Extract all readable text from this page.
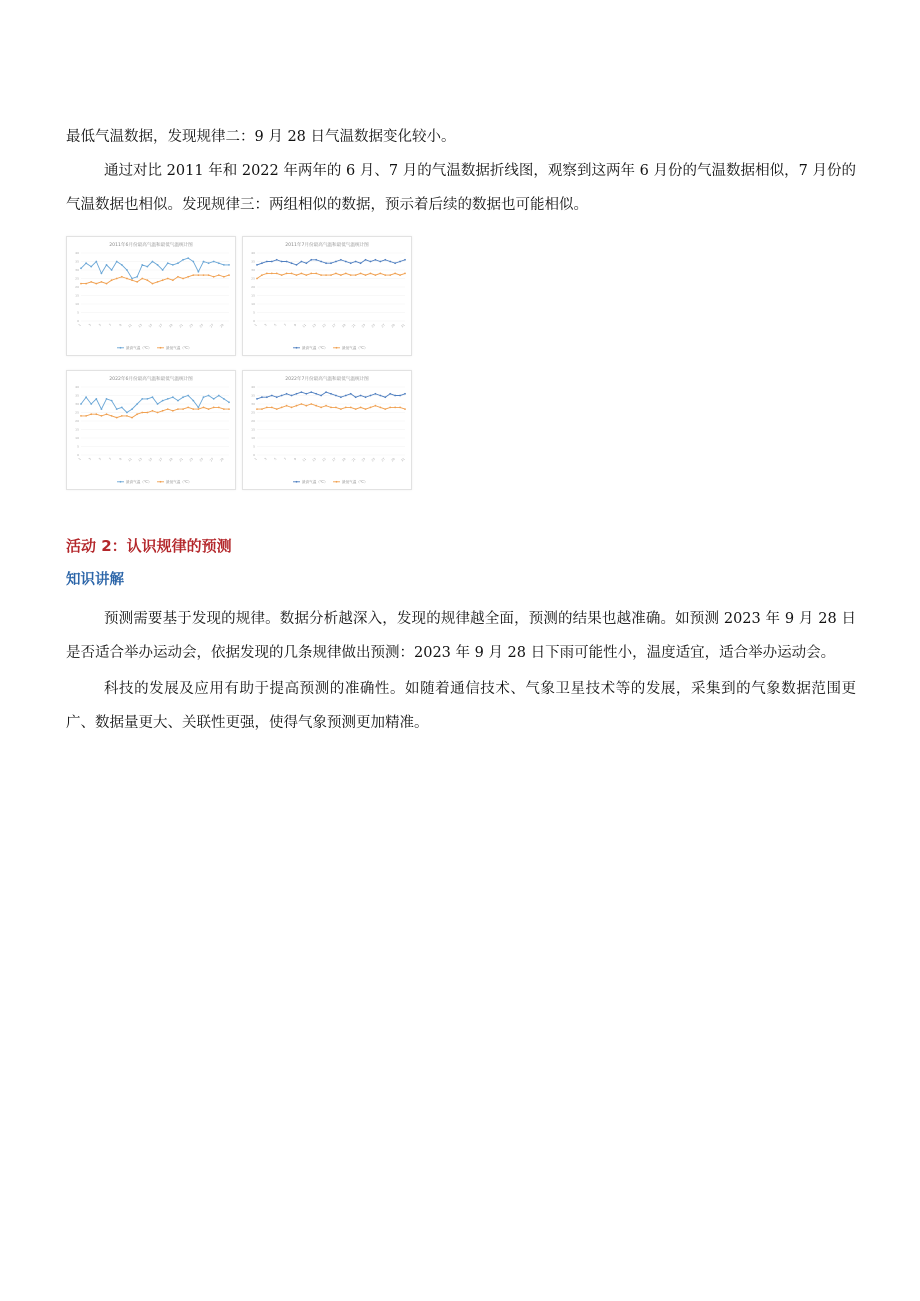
最低气温数据，发现规律二：9 月 28 日气温数据变化较小。

通过对比 2011 年和 2022 年两年的 6 月、7 月的气温数据折线图，观察到这两年 6 月份的气温数据相似，7 月份的气温数据也相似。发现规律三：两组相似的数据，预示着后续的数据也可能相似。

2011年6月份最高气温和最低气温统计图
0
5
10
15
20
25
30
35
40
1 3 5 7 9 11 13 15 17 19 21 23 25 27 29
最高气温（℃）	最低气温（℃）
2011年7月份最高气温和最低气温统计图
0
5
10
15
20
25
30
35
40
1 3 5 7 9 11 13 15 17 19 21 23 25 27 29 31
最高气温（℃）	最低气温（℃）
2022年6月份最高气温和最低气温统计图
0
5
10
15
20
25
30
35
40
1 3 5 7 9 11 13 15 17 19 21 23 25 27 29
最高气温（℃）	最低气温（℃）
2022年7月份最高气温和最低气温统计图
0
5
10
15
20
25
30
35
40
1 3 5 7 9 11 13 15 17 19 21 23 25 27 29 31
最高气温（℃）	最低气温（℃）
活动 2：认识规律的预测
知识讲解

预测需要基于发现的规律。数据分析越深入，发现的规律越全面，预测的结果也越准确。如预测 2023 年 9 月 28 日是否适合举办运动会，依据发现的几条规律做出预测：2023 年 9 月 28 日下雨可能性小，温度适宜，适合举办运动会。

科技的发展及应用有助于提高预测的准确性。如随着通信技术、气象卫星技术等的发展，采集到的气象数据范围更广、数据量更大、关联性更强，使得气象预测更加精准。
